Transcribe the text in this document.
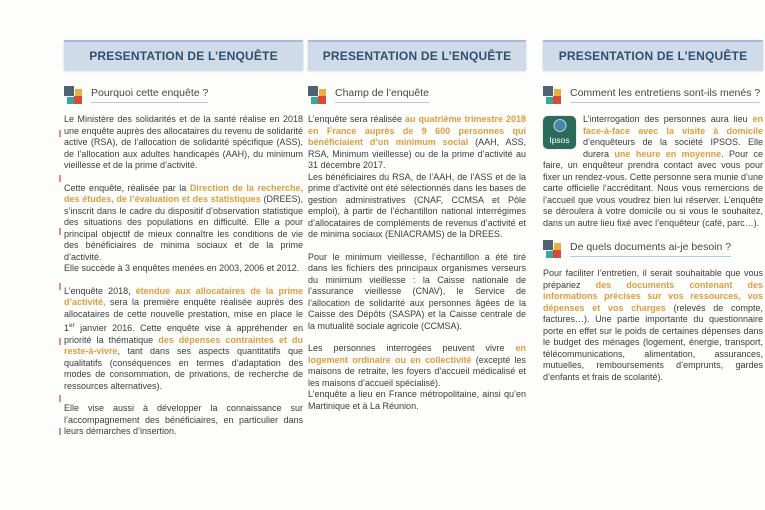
PRESENTATION DE L’ENQUÊTE
Pourquoi cette enquête ?

Le Ministère des solidarités et de la santé réalise en 2018 une enquête auprès des allocataires du revenu de solidarité active (RSA), de l’allocation de solidarité spécifique (ASS), de l’allocation aux adultes handicapés (AAH), du minimum vieillesse et de la prime d’activité.

Cette enquête, réalisée par la Direction de la recherche, des études, de l’évaluation et des statistiques (DREES), s’inscrit dans le cadre du dispositif d’observation statistique des situations des populations en difficulté. Elle a pour principal objectif de mieux connaître les conditions de vie des bénéficiaires de minima sociaux et de la prime d’activité.

Elle succède à 3 enquêtes menées en 2003, 2006 et 2012.

L’enquête 2018, étendue aux allocataires de la prime d’activité, sera la première enquête réalisée auprès des allocataires de cette nouvelle prestation, mise en place le 1er janvier 2016. Cette enquête vise à appréhender en priorité la thématique des dépenses contraintes et du reste-à-vivre, tant dans ses aspects quantitatifs que qualitatifs (conséquences en termes d’adaptation des modes de consommation, de privations, de recherche de ressources alternatives).

Elle vise aussi à développer la connaissance sur l’accompagnement des bénéficiaires, en particulier dans leurs démarches d’insertion.

PRESENTATION DE L’ENQUÊTE
Champ de l’enquête

L’enquête sera réalisée au quatrième trimestre 2018 en France auprès de 9 600 personnes qui bénéficiaient d’un minimum social (AAH, ASS, RSA, Minimum vieillesse) ou de la prime d’activité au 31 décembre 2017.

Les bénéficiaires du RSA, de l’AAH, de l’ASS et de la prime d’activité ont été sélectionnés dans les bases de gestion administratives (CNAF, CCMSA et Pôle emploi), à partir de l’échantillon national interrégimes d’allocataires de compléments de revenus d’activité et de minima sociaux (ENIACRAMS) de la DREES.

Pour le minimum vieillesse, l’échantillon a été tiré dans les fichiers des principaux organismes verseurs du minimum vieillesse : la Caisse nationale de l’assurance vieillesse (CNAV), le Service de l’allocation de solidarité aux personnes âgées de la Caisse des Dépôts (SASPA) et la Caisse centrale de la mutualité sociale agricole (CCMSA).

Les personnes interrogées peuvent vivre en logement ordinaire ou en collectivité (excepté les maisons de retraite, les foyers d’accueil médicalisé et les maisons d’accueil spécialisé).

L’enquête a lieu en France métropolitaine, ainsi qu’en Martinique et à La Réunion.

PRESENTATION DE L’ENQUÊTE
Comment les entretiens sont-ils menés ?

Ipsos
L’interrogation des personnes aura lieu en face-à-face avec la visite à domicile d’enquêteurs de la société IPSOS. Elle durera une heure en moyenne. Pour ce faire, un enquêteur prendra contact avec vous pour fixer un rendez-vous. Cette personne sera munie d’une carte officielle l’accréditant. Nous vous remercions de l’accueil que vous voudrez bien lui réserver. L’enquête se déroulera à votre domicile ou si vous le souhaitez, dans un autre lieu fixé avec l’enquêteur (café, parc…).

De quels documents ai-je besoin ?

Pour faciliter l’entretien, il serait souhaitable que vous prépariez des documents contenant des informations précises sur vos ressources, vos dépenses et vos charges (relevés de compte, factures…). Une partie importante du questionnaire porte en effet sur le poids de certaines dépenses dans le budget des ménages (logement, énergie, transport, télécommunications, alimentation, assurances, mutuelles, remboursements d’emprunts, gardes d’enfants et frais de scolarité).
